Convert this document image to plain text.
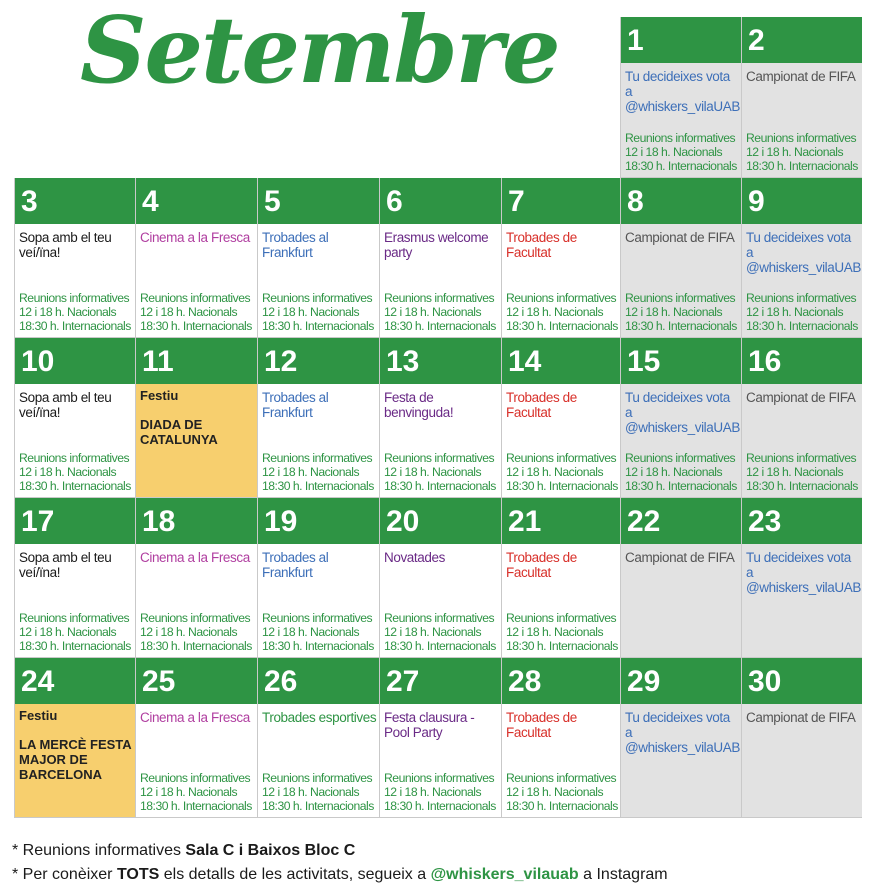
Setembre 1
Tu decideixes vota a @whiskers_vilaUAB
Reunions informatives
12 i 18 h. Nacionals
18:30 h. Internacionals
2
Campionat de FIFA
Reunions informatives
12 i 18 h. Nacionals
18:30 h. Internacionals
3
Sopa amb el teu veí/ïna!
Reunions informatives
12 i 18 h. Nacionals
18:30 h. Internacionals
4
Cinema a la Fresca
Reunions informatives
12 i 18 h. Nacionals
18:30 h. Internacionals
5
Trobades al Frankfurt
Reunions informatives
12 i 18 h. Nacionals
18:30 h. Internacionals
6
Erasmus welcome party
Reunions informatives
12 i 18 h. Nacionals
18:30 h. Internacionals
7
Trobades de Facultat
Reunions informatives
12 i 18 h. Nacionals
18:30 h. Internacionals
8
Campionat de FIFA
Reunions informatives
12 i 18 h. Nacionals
18:30 h. Internacionals
9
Tu decideixes vota a @whiskers_vilaUAB
Reunions informatives
12 i 18 h. Nacionals
18:30 h. Internacionals
10
Sopa amb el teu veí/ïna!
Reunions informatives
12 i 18 h. Nacionals
18:30 h. Internacionals
11
Festiu
DIADA DE CATALUNYA
12
Trobades al Frankfurt
Reunions informatives
12 i 18 h. Nacionals
18:30 h. Internacionals
13
Festa de benvinguda!
Reunions informatives
12 i 18 h. Nacionals
18:30 h. Internacionals
14
Trobades de Facultat
Reunions informatives
12 i 18 h. Nacionals
18:30 h. Internacionals
15
Tu decideixes vota a @whiskers_vilaUAB
Reunions informatives
12 i 18 h. Nacionals
18:30 h. Internacionals
16
Campionat de FIFA
Reunions informatives
12 i 18 h. Nacionals
18:30 h. Internacionals
17
Sopa amb el teu veí/ïna!
Reunions informatives
12 i 18 h. Nacionals
18:30 h. Internacionals
18
Cinema a la Fresca
Reunions informatives
12 i 18 h. Nacionals
18:30 h. Internacionals
19
Trobades al Frankfurt
Reunions informatives
12 i 18 h. Nacionals
18:30 h. Internacionals
20
Novatades
Reunions informatives
12 i 18 h. Nacionals
18:30 h. Internacionals
21
Trobades de Facultat
Reunions informatives
12 i 18 h. Nacionals
18:30 h. Internacionals
22
Campionat de FIFA
23
Tu decideixes vota a @whiskers_vilaUAB
24
Festiu
LA MERCÈ FESTA MAJOR DE BARCELONA
25
Cinema a la Fresca
Reunions informatives
12 i 18 h. Nacionals
18:30 h. Internacionals
26
Trobades esportives
Reunions informatives
12 i 18 h. Nacionals
18:30 h. Internacionals
27
Festa clausura - Pool Party
Reunions informatives
12 i 18 h. Nacionals
18:30 h. Internacionals
28
Trobades de Facultat
Reunions informatives
12 i 18 h. Nacionals
18:30 h. Internacionals
29
Tu decideixes vota a @whiskers_vilaUAB
30
Campionat de FIFA
* Reunions informatives Sala C i Baixos Bloc C
* Per conèixer TOTS els detalls de les activitats, segueix a @whiskers_vilauab a Instagram
